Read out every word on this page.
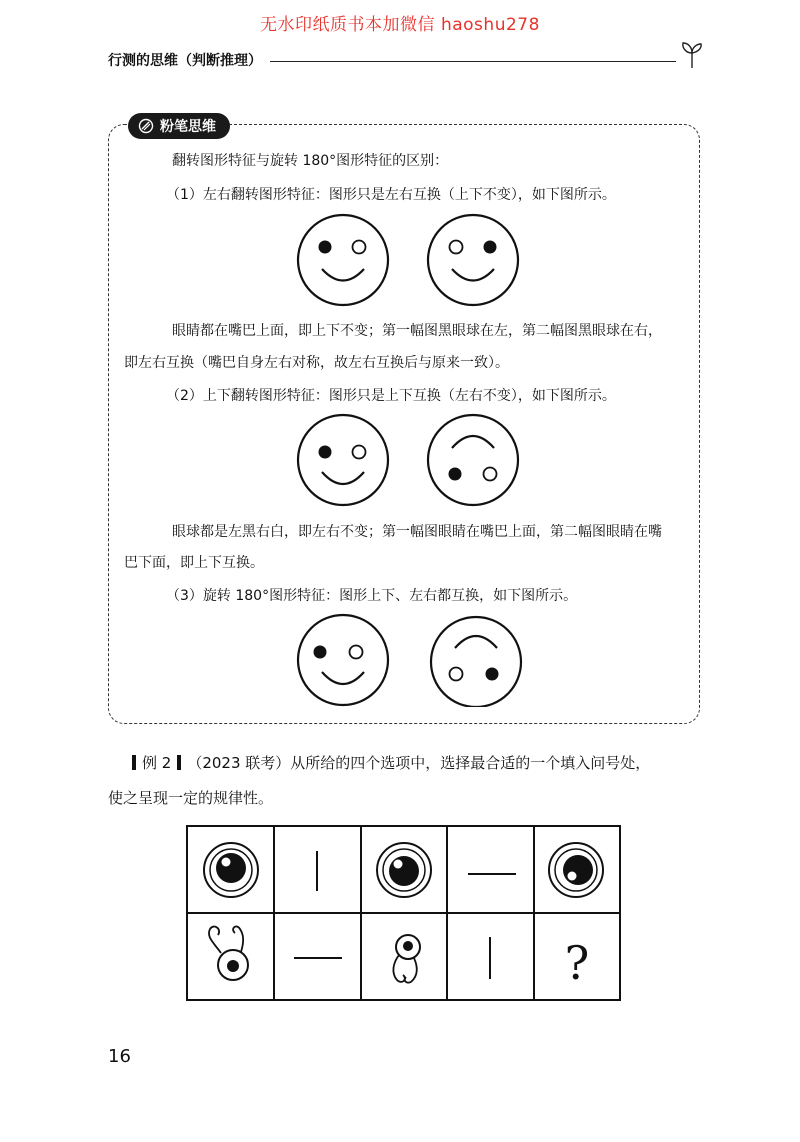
无水印纸质书本加微信 haoshu278
行测的思维（判断推理）
粉笔思维
翻转图形特征与旋转 180°图形特征的区别：
（1）左右翻转图形特征：图形只是左右互换（上下不变），如下图所示。
眼睛都在嘴巴上面，即上下不变；第一幅图黑眼球在左，第二幅图黑眼球在右，
即左右互换（嘴巴自身左右对称，故左右互换后与原来一致）。
（2）上下翻转图形特征：图形只是上下互换（左右不变），如下图所示。
眼球都是左黑右白，即左右不变；第一幅图眼睛在嘴巴上面，第二幅图眼睛在嘴
巴下面，即上下互换。
（3）旋转 180°图形特征：图形上下、左右都互换，如下图所示。
例 2 （2023 联考）从所给的四个选项中，选择最合适的一个填入问号处，
使之呈现一定的规律性。
?
16
